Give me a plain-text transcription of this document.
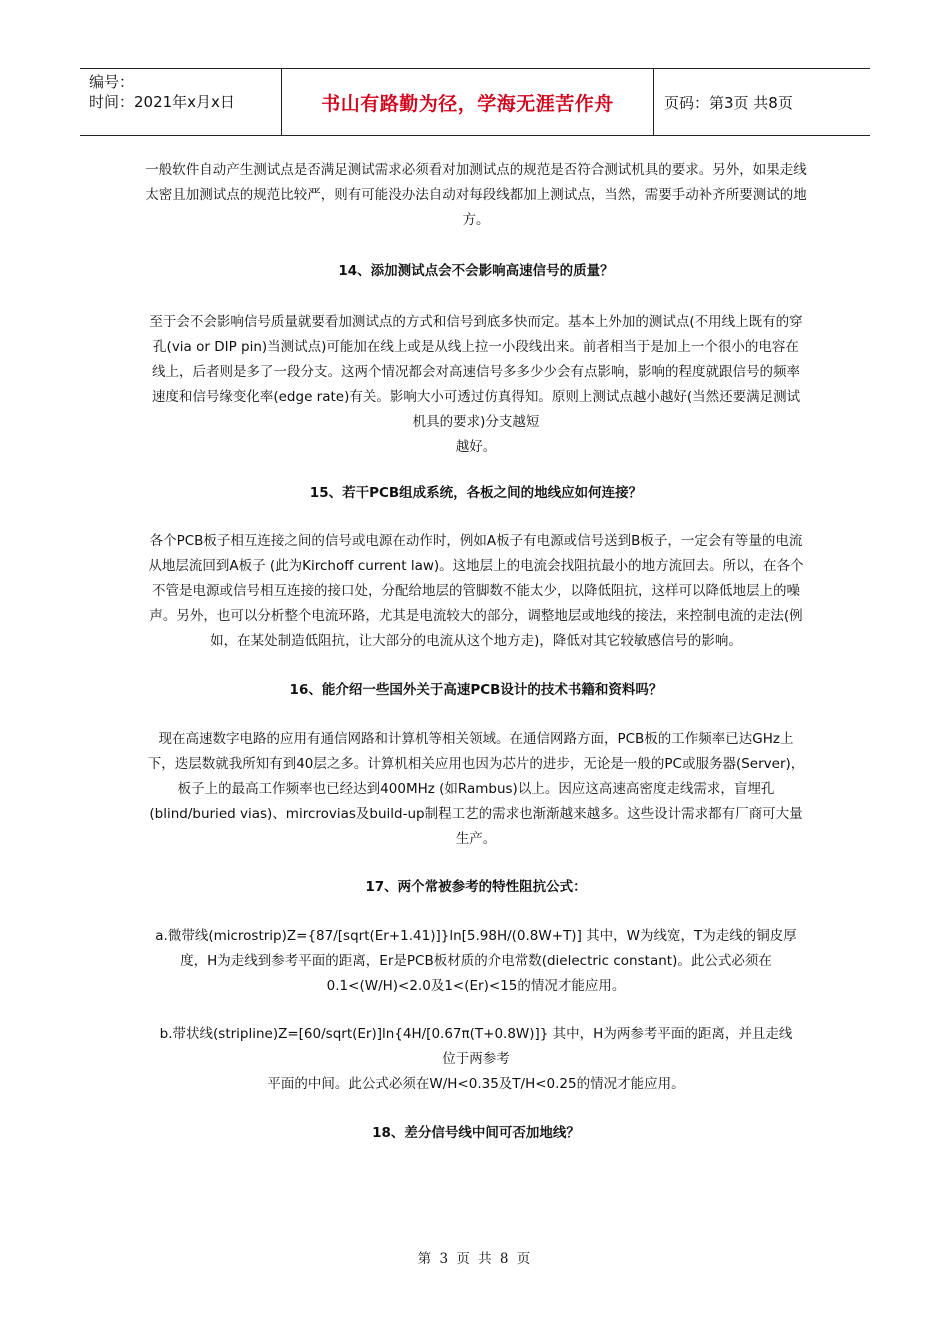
编号：
时间：2021年x月x日	书山有路勤为径，学海无涯苦作舟	页码：第3页 共8页

一般软件自动产生测试点是否满足测试需求必须看对加测试点的规范是否符合测试机具的要求。另外，如果走线太密且加测试点的规范比较严，则有可能没办法自动对每段线都加上测试点，当然，需要手动补齐所要测试的地方。

14、添加测试点会不会影响高速信号的质量？

至于会不会影响信号质量就要看加测试点的方式和信号到底多快而定。基本上外加的测试点(不用线上既有的穿孔(via or DIP pin)当测试点)可能加在线上或是从线上拉一小段线出来。前者相当于是加上一个很小的电容在线上，后者则是多了一段分支。这两个情况都会对高速信号多多少少会有点影响，影响的程度就跟信号的频率速度和信号缘变化率(edge rate)有关。影响大小可透过仿真得知。原则上测试点越小越好(当然还要满足测试机具的要求)分支越短

越好。

15、若干PCB组成系统，各板之间的地线应如何连接？

各个PCB板子相互连接之间的信号或电源在动作时，例如A板子有电源或信号送到B板子，一定会有等量的电流从地层流回到A板子 (此为Kirchoff current law)。这地层上的电流会找阻抗最小的地方流回去。所以，在各个不管是电源或信号相互连接的接口处，分配给地层的管脚数不能太少，以降低阻抗，这样可以降低地层上的噪声。另外，也可以分析整个电流环路，尤其是电流较大的部分，调整地层或地线的接法，来控制电流的走法(例如，在某处制造低阻抗，让大部分的电流从这个地方走)，降低对其它较敏感信号的影响。

16、能介绍一些国外关于高速PCB设计的技术书籍和资料吗？

现在高速数字电路的应用有通信网路和计算机等相关领域。在通信网路方面，PCB板的工作频率已达GHz上下，迭层数就我所知有到40层之多。计算机相关应用也因为芯片的进步，无论是一般的PC或服务器(Server)，板子上的最高工作频率也已经达到400MHz (如Rambus)以上。因应这高速高密度走线需求，盲埋孔(blind/buried vias)、mircrovias及build-up制程工艺的需求也渐渐越来越多。这些设计需求都有厂商可大量生产。

17、两个常被参考的特性阻抗公式：

a.微带线(microstrip)Z={87/[sqrt(Er+1.41)]}ln[5.98H/(0.8W+T)] 其中，W为线宽，T为走线的铜皮厚度，H为走线到参考平面的距离，Er是PCB板材质的介电常数(dielectric constant)。此公式必须在0.1<(W/H)<2.0及1<(Er)<15的情况才能应用。

b.带状线(stripline)Z=[60/sqrt(Er)]ln{4H/[0.67π(T+0.8W)]} 其中，H为两参考平面的距离，并且走线位于两参考

平面的中间。此公式必须在W/H<0.35及T/H<0.25的情况才能应用。

18、差分信号线中间可否加地线？

第 3 页 共 8 页
